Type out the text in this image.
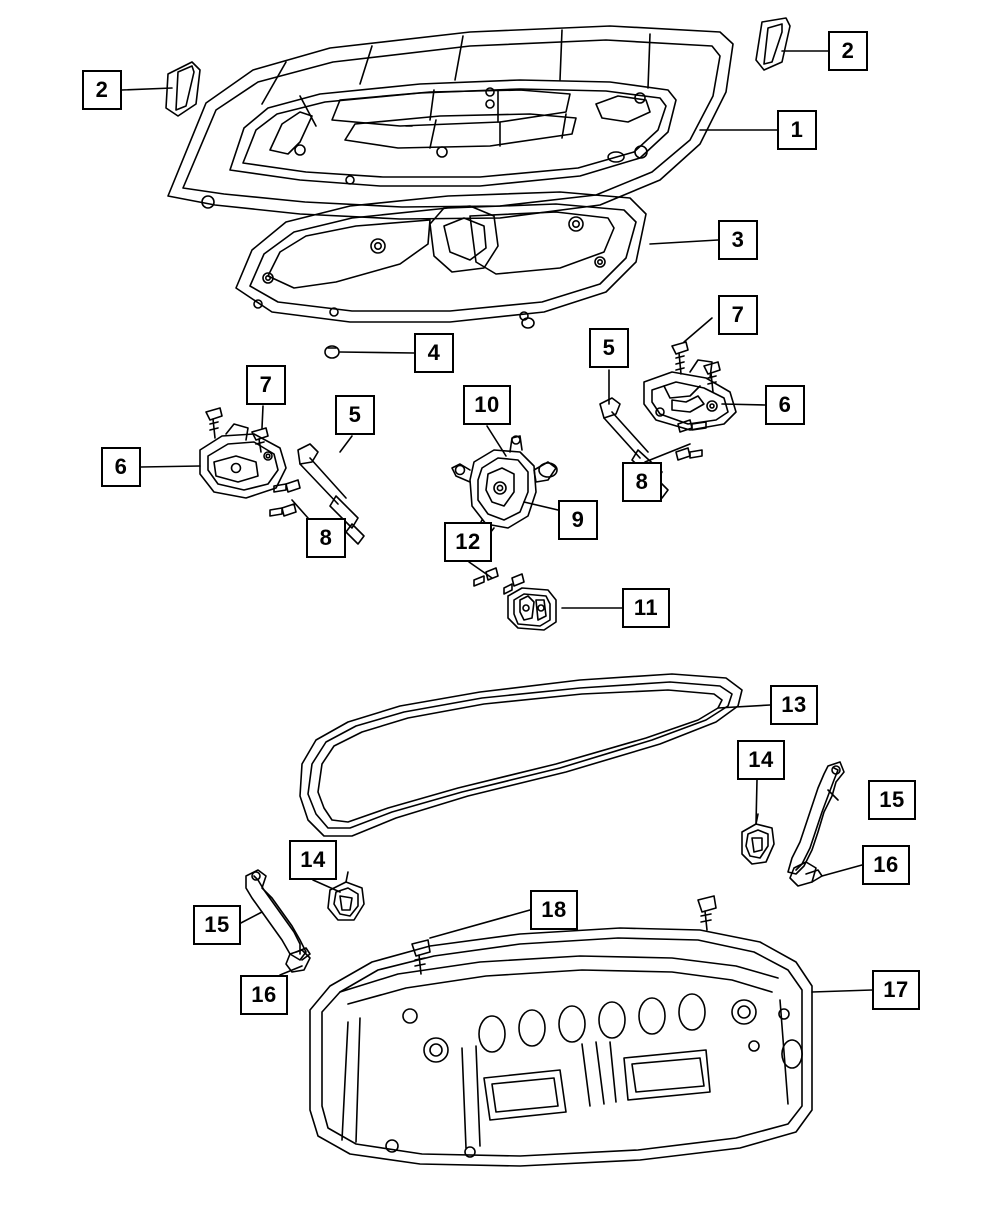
1
2
2
3
4	5
5	6
6
7
7
8
8
9
10
11
12
13
14
14
15
15
16
16	17
18
